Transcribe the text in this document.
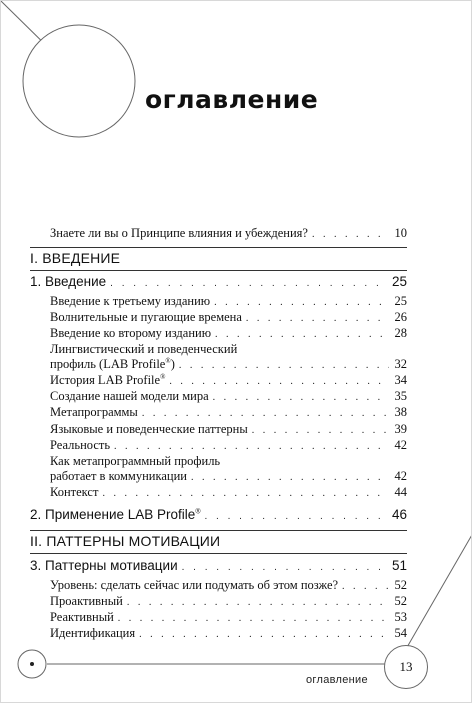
оглавление
Знаете ли вы о Принципе влияния и убеждения? . . .	10
I. ВВЕДЕНИЕ
1. Введение . . .	25
Введение к третьему изданию . . .	25
Волнительные и пугающие времена . . .	26
Введение ко второму изданию . . .	28
Лингвистический и поведенческий
профиль (LAB Profile®) . . .	32
История LAB Profile® . . .	34
Создание нашей модели мира . . .	35
Метапрограммы . . .	38
Языковые и поведенческие паттерны . . .	39
Реальность . . .	42
Как метапрограммный профиль
работает в коммуникации . . .	42
Контекст . . .	44
2. Применение LAB Profile® . . .	46
II. ПАТТЕРНЫ МОТИВАЦИИ
3. Паттерны мотивации . . .	51
Уровень: сделать сейчас или подумать об этом позже? . . .	52
Проактивный . . .	52
Реактивный . . .	53
Идентификация . . .	54
оглавление
13
